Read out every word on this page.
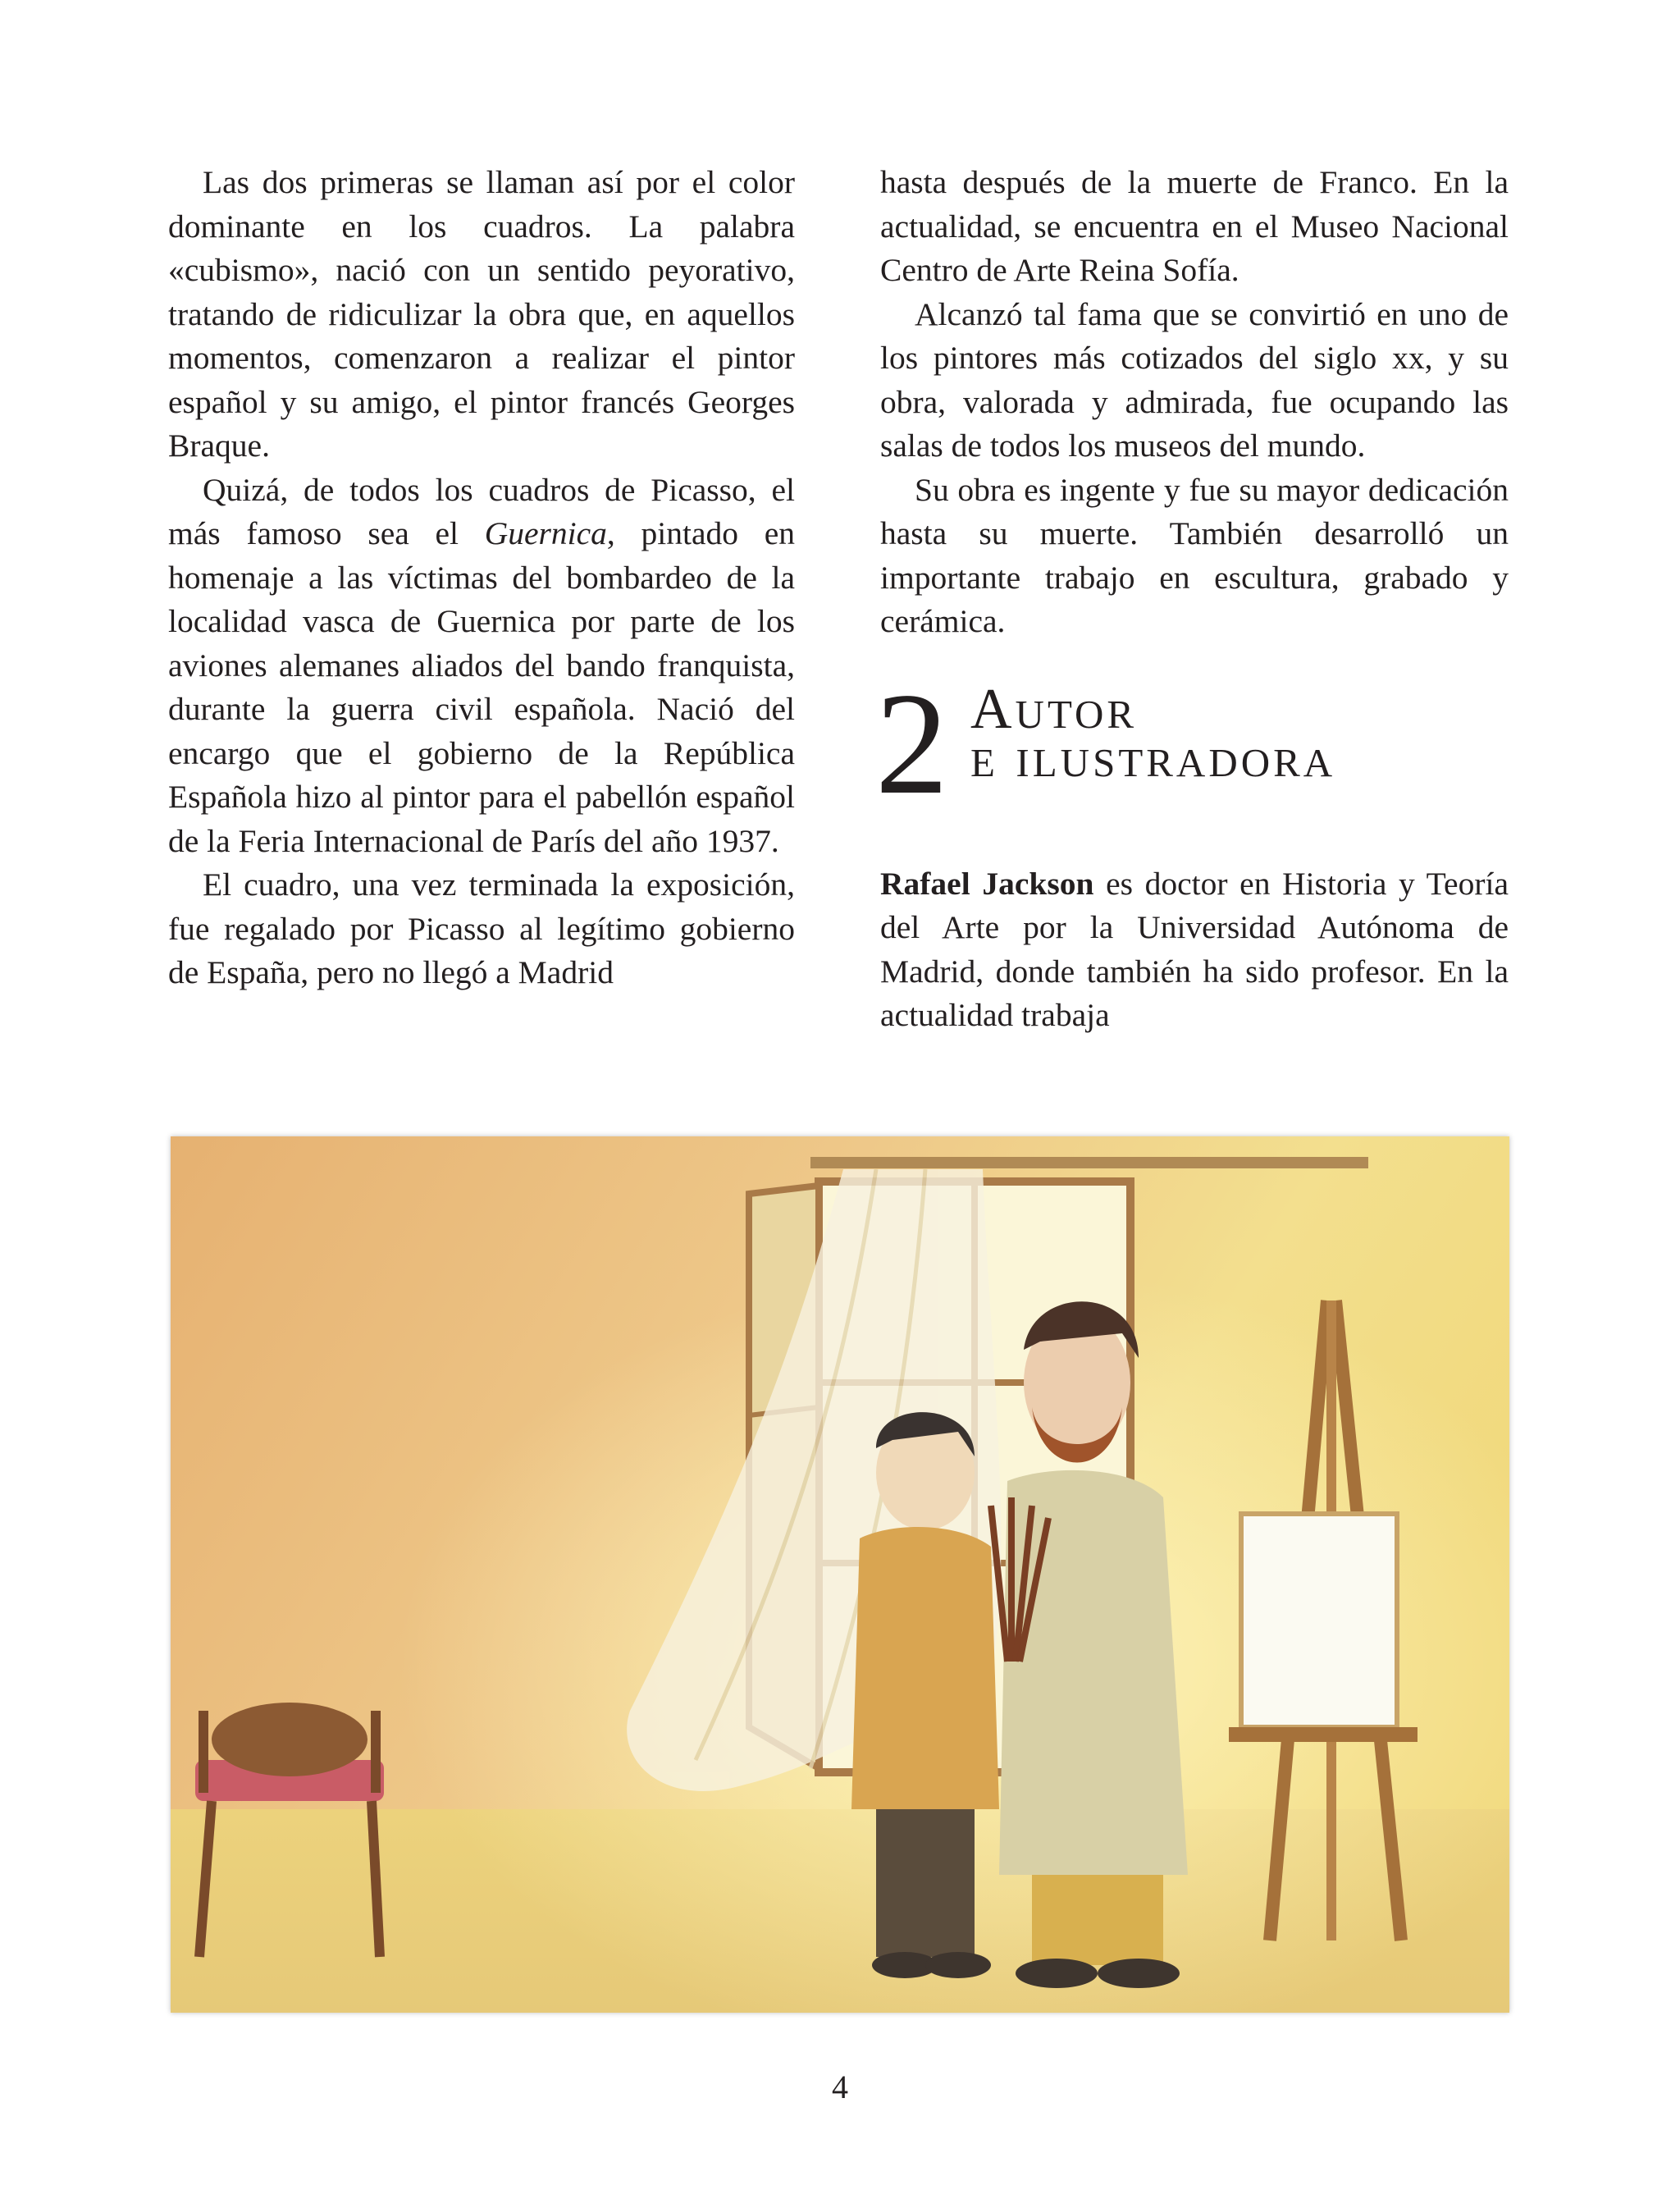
Las dos primeras se llaman así por el color dominante en los cuadros. La palabra «cubismo», nació con un sentido peyorativo, tratando de ridiculizar la obra que, en aquellos momentos, comenzaron a realizar el pintor español y su amigo, el pintor francés Georges Braque.

Quizá, de todos los cuadros de Picasso, el más famoso sea el Guernica, pintado en homenaje a las víctimas del bombardeo de la localidad vasca de Guernica por parte de los aviones alemanes aliados del bando franquista, durante la guerra civil española. Nació del encargo que el gobierno de la República Española hizo al pintor para el pabellón español de la Feria Internacional de París del año 1937.

El cuadro, una vez terminada la exposición, fue regalado por Picasso al legítimo gobierno de España, pero no llegó a Madrid

hasta después de la muerte de Franco. En la actualidad, se encuentra en el Museo Nacional Centro de Arte Reina Sofía.

Alcanzó tal fama que se convirtió en uno de los pintores más cotizados del siglo xx, y su obra, valorada y admirada, fue ocupando las salas de todos los museos del mundo.

Su obra es ingente y fue su mayor dedicación hasta su muerte. También desarrolló un importante trabajo en escultura, grabado y cerámica.

2 Autor
e ilustradora

Rafael Jackson es doctor en Historia y Teoría del Arte por la Universidad Autónoma de Madrid, donde también ha sido profesor. En la actualidad trabaja

4
